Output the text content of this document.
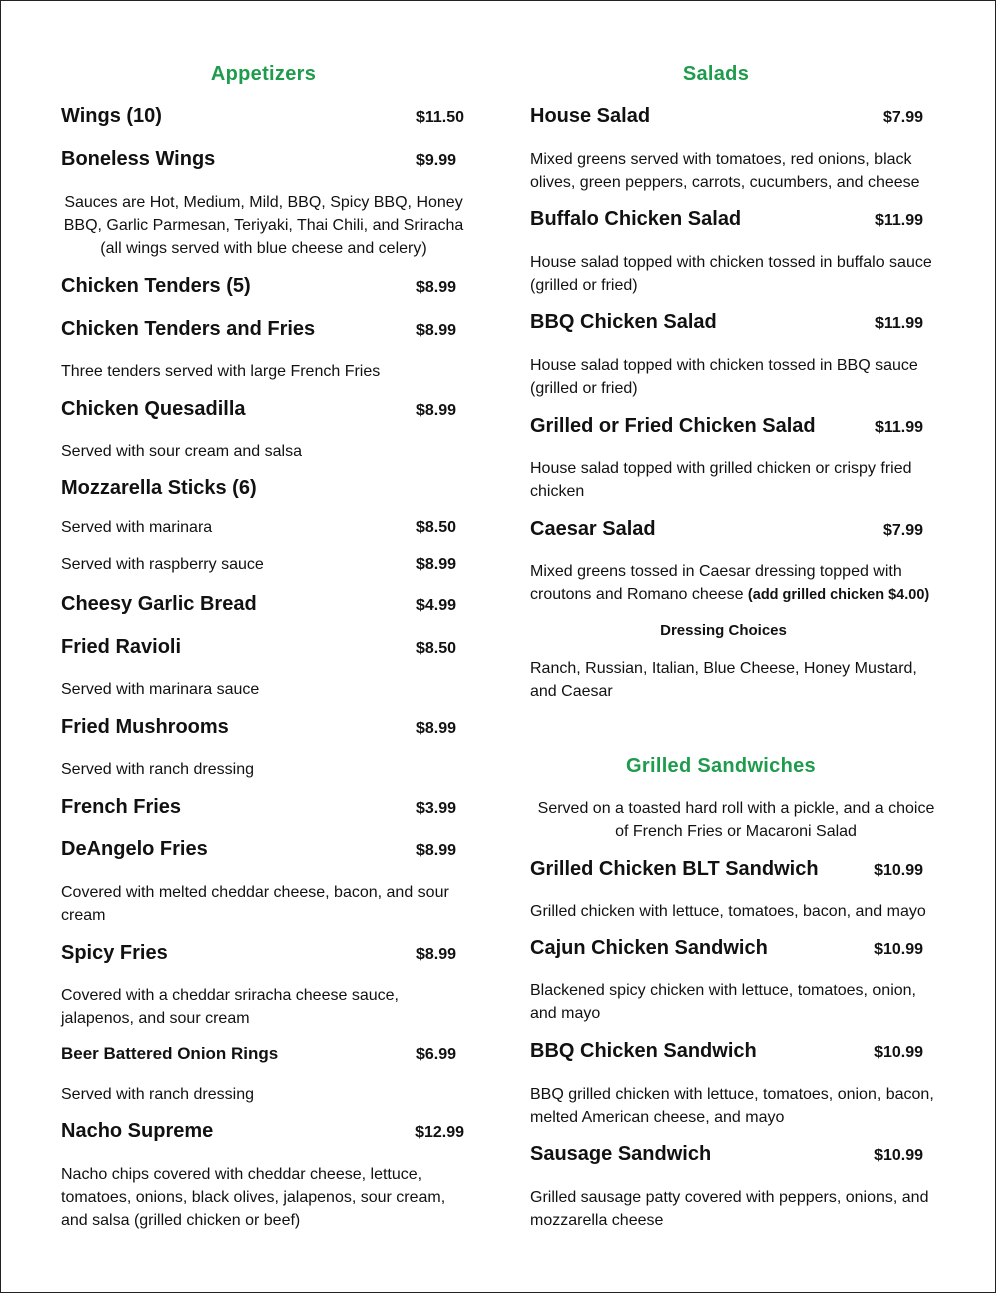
Appetizers
Wings (10)	$11.50
Boneless Wings	$9.99
Sauces are Hot, Medium, Mild, BBQ, Spicy BBQ, Honey BBQ, Garlic Parmesan, Teriyaki, Thai Chili, and Sriracha (all wings served with blue cheese and celery)
Chicken Tenders (5)	$8.99
Chicken Tenders and Fries	$8.99
Three tenders served with large French Fries
Chicken Quesadilla	$8.99
Served with sour cream and salsa
Mozzarella Sticks (6)
Served with marinara	$8.50
Served with raspberry sauce	$8.99
Cheesy Garlic Bread	$4.99
Fried Ravioli	$8.50
Served with marinara sauce
Fried Mushrooms	$8.99
Served with ranch dressing
French Fries	$3.99
DeAngelo Fries	$8.99
Covered with melted cheddar cheese, bacon, and sour cream
Spicy Fries	$8.99
Covered with a cheddar sriracha cheese sauce, jalapenos, and sour cream
Beer Battered Onion Rings	$6.99
Served with ranch dressing
Nacho Supreme	$12.99
Nacho chips covered with cheddar cheese, lettuce, tomatoes, onions, black olives, jalapenos, sour cream, and salsa (grilled chicken or beef)
Salads
House Salad	$7.99
Mixed greens served with tomatoes, red onions, black olives, green peppers, carrots, cucumbers, and cheese
Buffalo Chicken Salad	$11.99
House salad topped with chicken tossed in buffalo sauce (grilled or fried)
BBQ Chicken Salad	$11.99
House salad topped with chicken tossed in BBQ sauce (grilled or fried)
Grilled or Fried Chicken Salad	$11.99
House salad topped with grilled chicken or crispy fried chicken
Caesar Salad	$7.99
Mixed greens tossed in Caesar dressing topped with croutons and Romano cheese (add grilled chicken $4.00)
Dressing Choices
Ranch, Russian, Italian, Blue Cheese, Honey Mustard, and Caesar
Grilled Sandwiches
Served on a toasted hard roll with a pickle, and a choice of French Fries or Macaroni Salad
Grilled Chicken BLT Sandwich	$10.99
Grilled chicken with lettuce, tomatoes, bacon, and mayo
Cajun Chicken Sandwich	$10.99
Blackened spicy chicken with lettuce, tomatoes, onion, and mayo
BBQ Chicken Sandwich	$10.99
BBQ grilled chicken with lettuce, tomatoes, onion, bacon, melted American cheese, and mayo
Sausage Sandwich	$10.99
Grilled sausage patty covered with peppers, onions, and mozzarella cheese
